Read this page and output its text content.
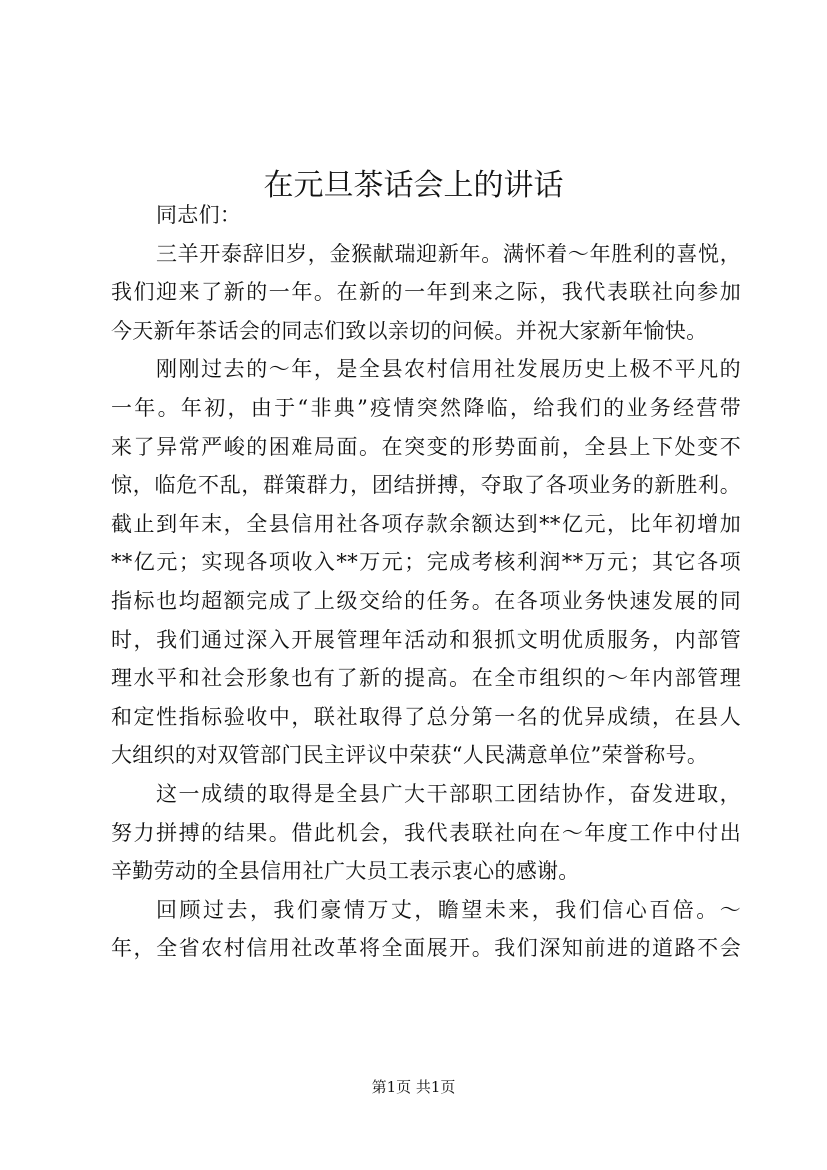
在元旦茶话会上的讲话

同志们：

三羊开泰辞旧岁，金猴献瑞迎新年。满怀着～年胜利的喜悦，
我们迎来了新的一年。在新的一年到来之际，我代表联社向参加
今天新年茶话会的同志们致以亲切的问候。并祝大家新年愉快。

刚刚过去的～年，是全县农村信用社发展历史上极不平凡的
一年。年初，由于“非典”疫情突然降临，给我们的业务经营带
来了异常严峻的困难局面。在突变的形势面前，全县上下处变不
惊，临危不乱，群策群力，团结拼搏，夺取了各项业务的新胜利。
截止到年末，全县信用社各项存款余额达到**亿元，比年初增加
**亿元；实现各项收入**万元；完成考核利润**万元；其它各项
指标也均超额完成了上级交给的任务。在各项业务快速发展的同
时，我们通过深入开展管理年活动和狠抓文明优质服务，内部管
理水平和社会形象也有了新的提高。在全市组织的～年内部管理
和定性指标验收中，联社取得了总分第一名的优异成绩，在县人
大组织的对双管部门民主评议中荣获“人民满意单位”荣誉称号。

这一成绩的取得是全县广大干部职工团结协作，奋发进取，
努力拼搏的结果。借此机会，我代表联社向在～年度工作中付出
辛勤劳动的全县信用社广大员工表示衷心的感谢。

回顾过去，我们豪情万丈，瞻望未来，我们信心百倍。～
年，全省农村信用社改革将全面展开。我们深知前进的道路不会

第1页 共1页
